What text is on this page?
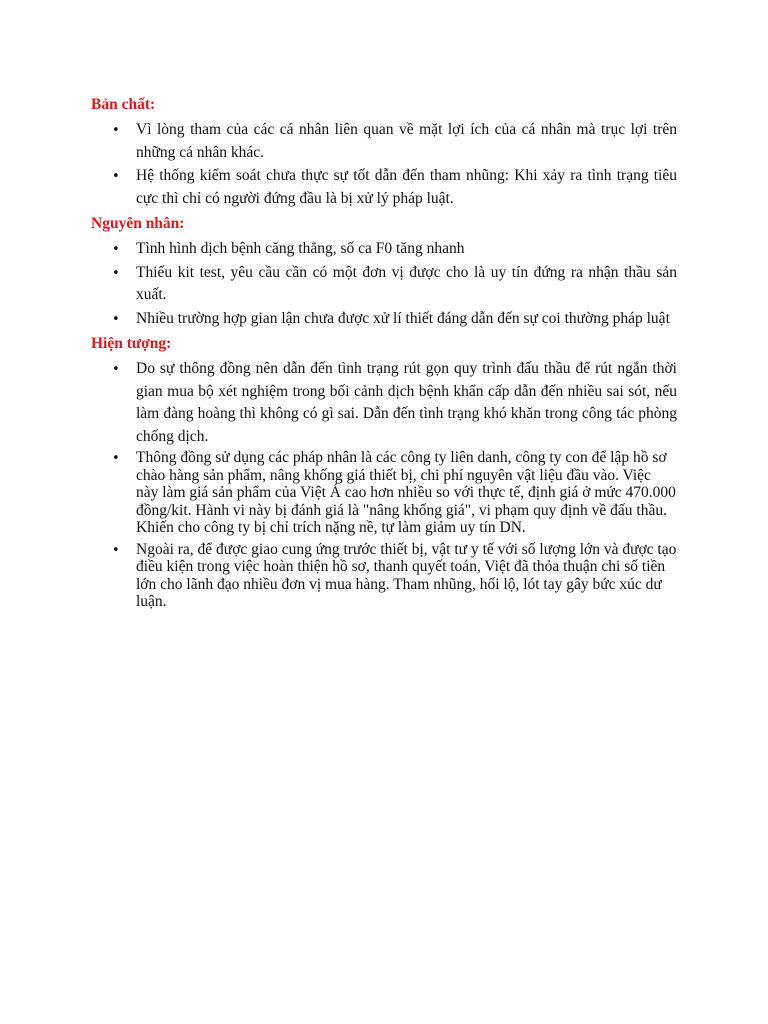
Bản chất:
•
Vì lòng tham của các cá nhân liên quan về mặt lợi ích của cá nhân mà trục lợi trên những cá nhân khác.
•
Hệ thống kiểm soát chưa thực sự tốt dẫn đến tham nhũng: Khi xảy ra tình trạng tiêu cực thì chỉ có người đứng đầu là bị xử lý pháp luật.
Nguyên nhân:
•
Tình hình dịch bệnh căng thẳng, số ca F0 tăng nhanh
•
Thiếu kit test, yêu cầu cần có một đơn vị được cho là uy tín đứng ra nhận thầu sản xuất.
•
Nhiều trường hợp gian lận chưa được xử lí thiết đáng dẫn đến sự coi thường pháp luật
Hiện tượng:
•
Do sự thông đồng nên dẫn đến tình trạng rút gọn quy trình đấu thầu để rút ngắn thời gian mua bộ xét nghiệm trong bối cảnh dịch bệnh khẩn cấp dẫn đến nhiều sai sót, nếu làm đàng hoàng thì không có gì sai. Dẫn đến tình trạng khó khăn trong công tác phòng chống dịch.
•
Thông đồng sử dụng các pháp nhân là các công ty liên danh, công ty con để lập hồ sơ chào hàng sản phẩm, nâng khống giá thiết bị, chi phí nguyên vật liệu đầu vào. Việc này làm giá sản phẩm của Việt Á cao hơn nhiều so với thực tế, định giá ở mức 470.000 đồng/kit. Hành vi này bị đánh giá là "nâng khống giá", vi phạm quy định về đấu thầu. Khiến cho công ty bị chỉ trích nặng nề, tự làm giảm uy tín DN.
•
Ngoài ra, để được giao cung ứng trước thiết bị, vật tư y tế với số lượng lớn và được tạo điều kiện trong việc hoàn thiện hồ sơ, thanh quyết toán, Việt đã thỏa thuận chi số tiền lớn cho lãnh đạo nhiều đơn vị mua hàng. Tham nhũng, hối lộ, lót tay gây bức xúc dư luận.
